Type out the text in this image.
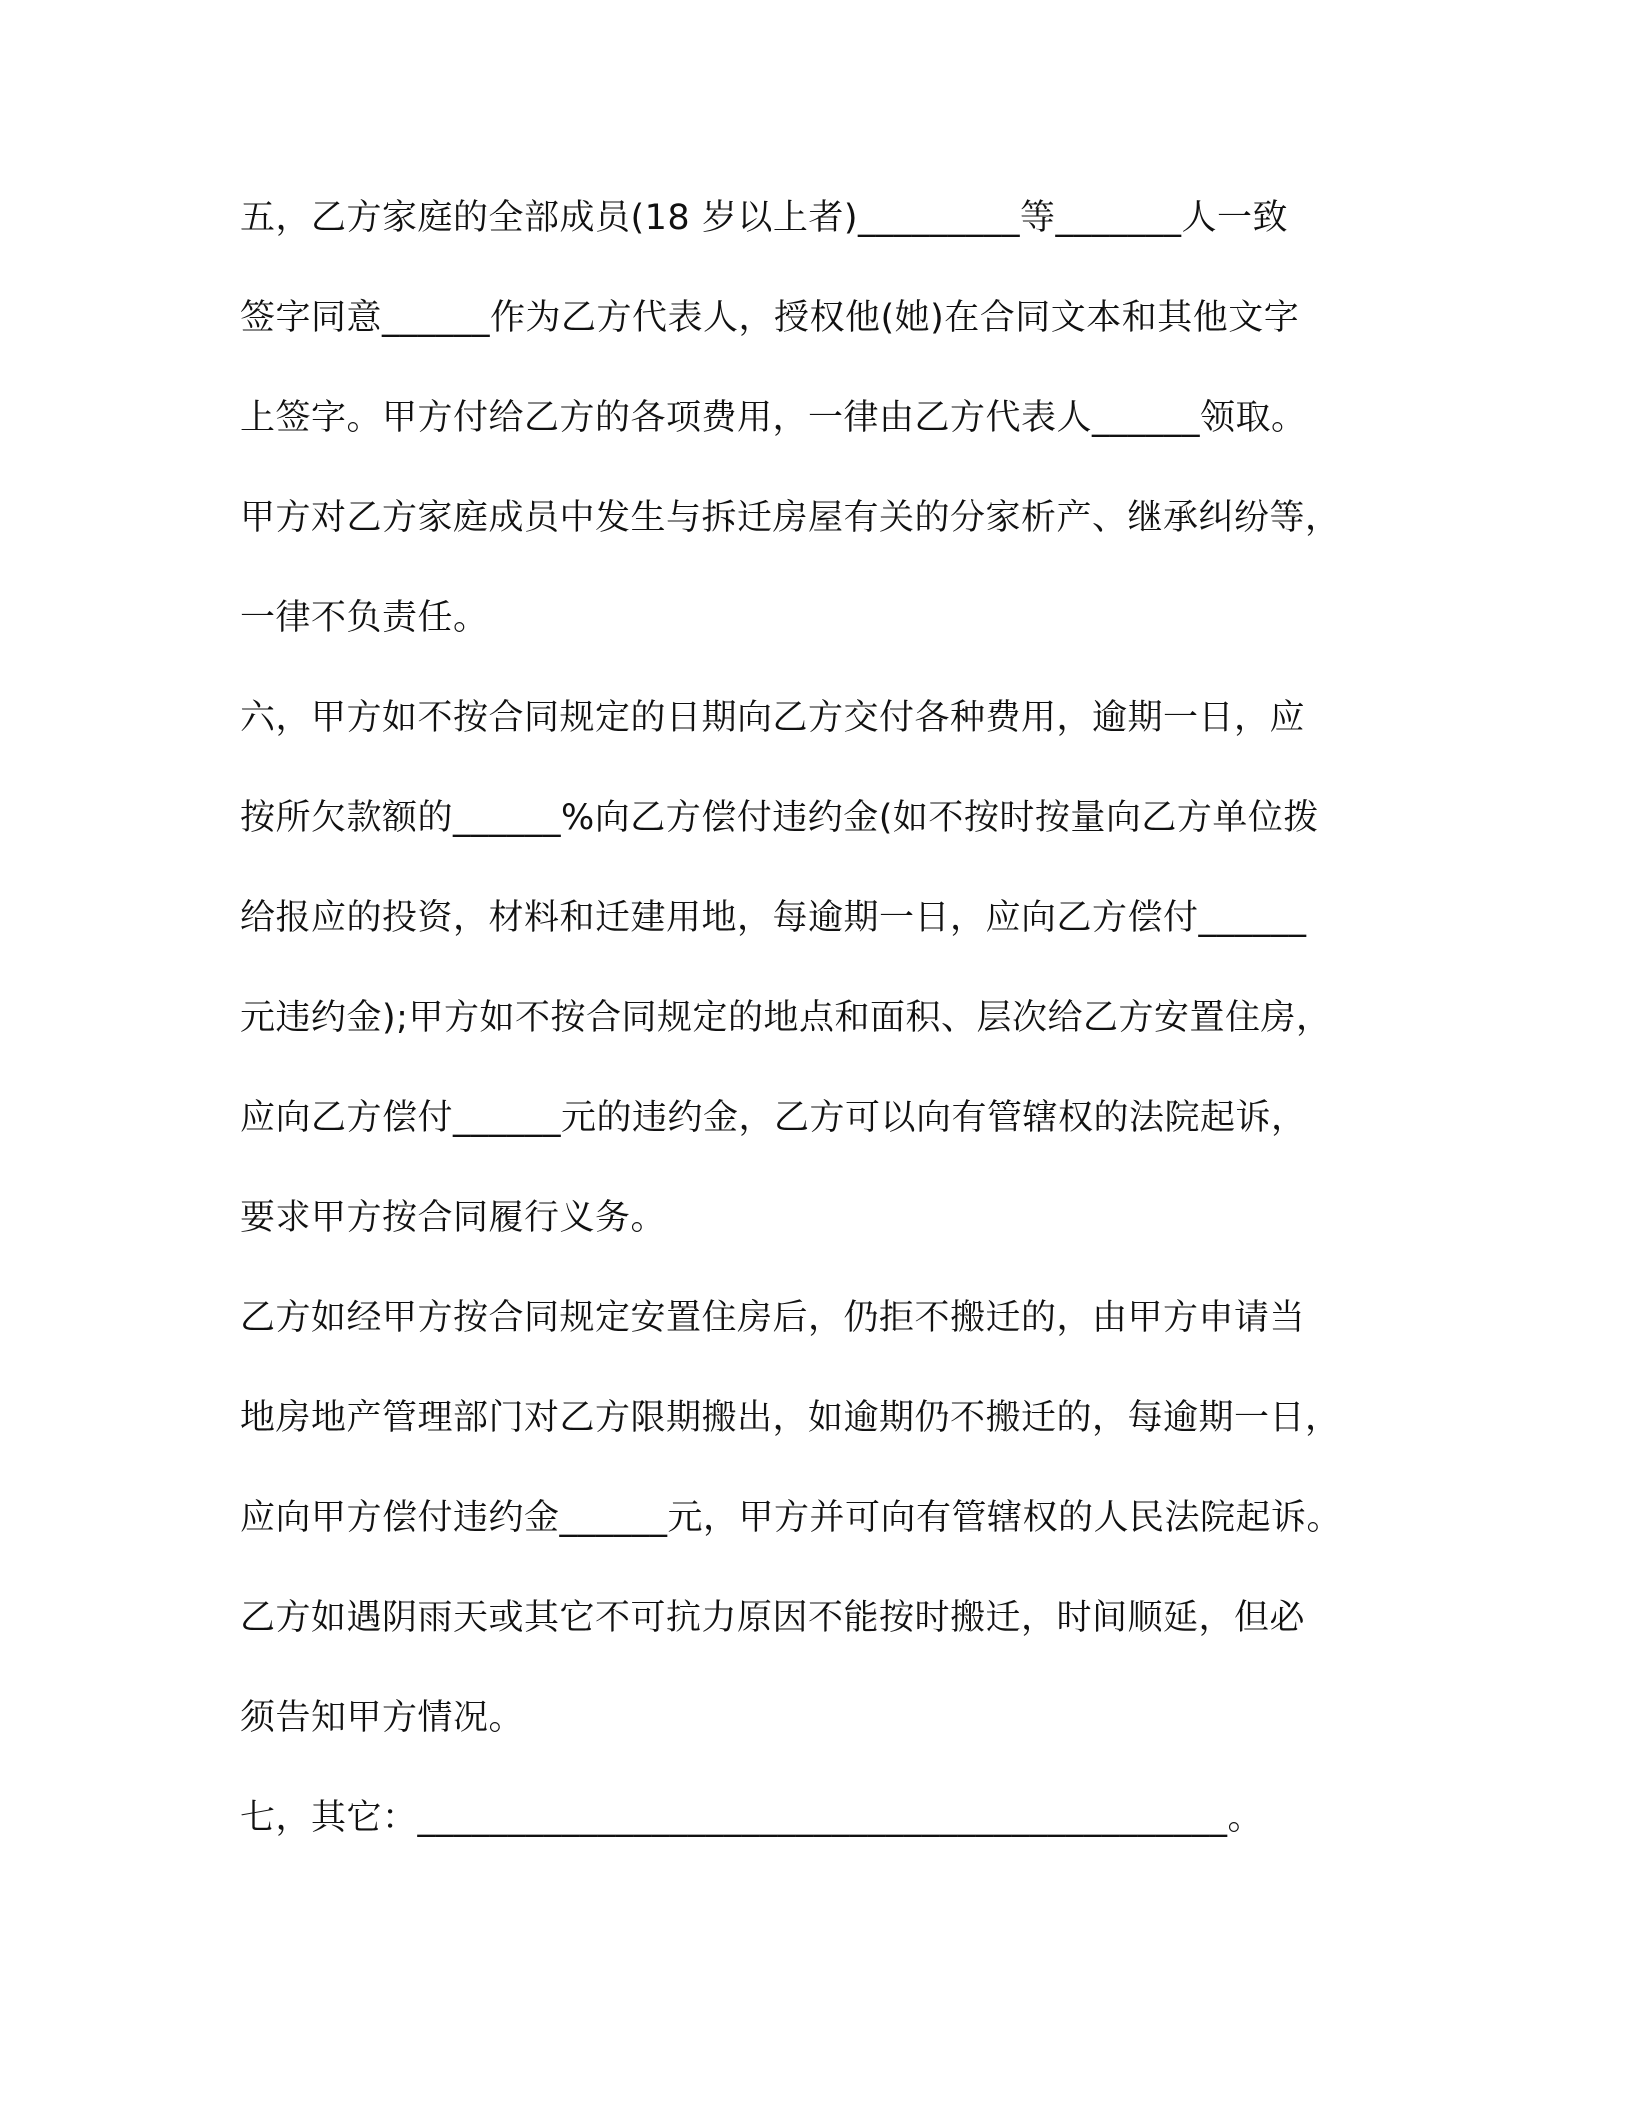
五，乙方家庭的全部成员(18 岁以上者)_________等_______人一致
签字同意______作为乙方代表人，授权他(她)在合同文本和其他文字
上签字。甲方付给乙方的各项费用，一律由乙方代表人______领取。
甲方对乙方家庭成员中发生与拆迁房屋有关的分家析产、继承纠纷等，
一律不负责任。
六，甲方如不按合同规定的日期向乙方交付各种费用，逾期一日，应
按所欠款额的______%向乙方偿付违约金(如不按时按量向乙方单位拨
给报应的投资，材料和迁建用地，每逾期一日，应向乙方偿付______
元违约金);甲方如不按合同规定的地点和面积、层次给乙方安置住房，
应向乙方偿付______元的违约金，乙方可以向有管辖权的法院起诉，
要求甲方按合同履行义务。
乙方如经甲方按合同规定安置住房后，仍拒不搬迁的，由甲方申请当
地房地产管理部门对乙方限期搬出，如逾期仍不搬迁的，每逾期一日，
应向甲方偿付违约金______元，甲方并可向有管辖权的人民法院起诉。
乙方如遇阴雨天或其它不可抗力原因不能按时搬迁，时间顺延，但必
须告知甲方情况。
七，其它：_____________________________________________。
